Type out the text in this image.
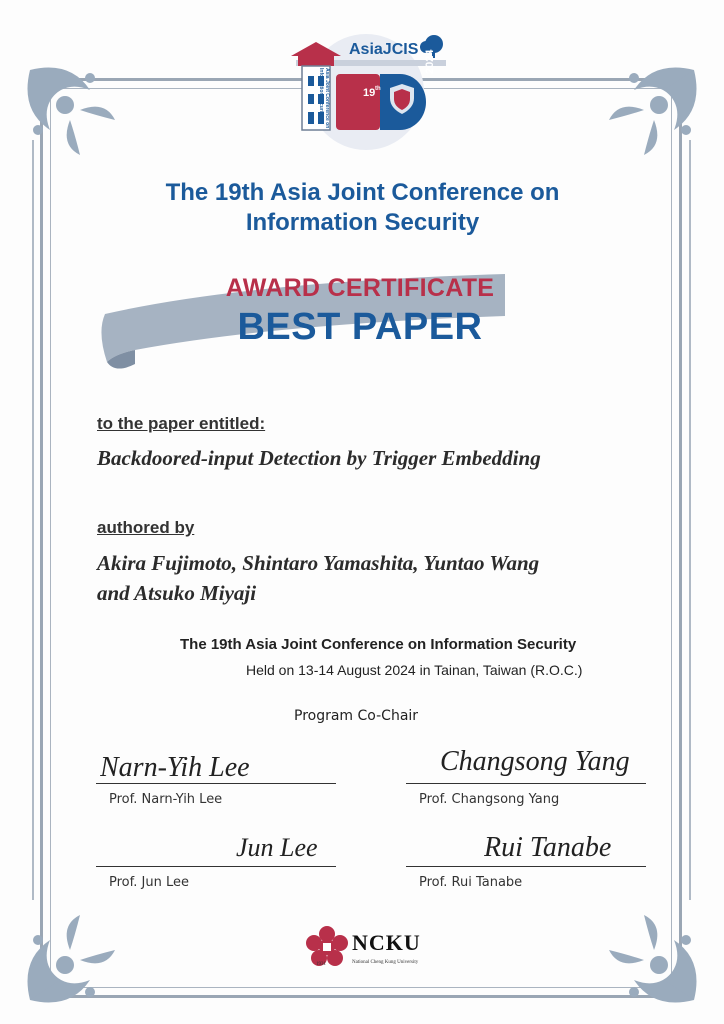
19 th
AsiaJCIS
Asia Joint Conference on Information Security
2024
The 19th Asia Joint Conference on Information Security
AWARD CERTIFICATE
BEST PAPER
to the paper entitled:
Backdoored-input Detection by Trigger Embedding
authored by
Akira Fujimoto, Shintaro Yamashita, Yuntao Wang
and Atsuko Miyaji
The 19th Asia Joint Conference on Information Security
Held on 13-14 August 2024 in Tainan, Taiwan (R.O.C.)
Program Co-Chair
Narn-Yih Lee
Prof. Narn-Yih Lee
Changsong Yang
Prof. Changsong Yang
Jun Lee
Prof. Jun Lee
Rui Tanabe
Prof. Rui Tanabe
NCKU
National Cheng Kung University
1931
